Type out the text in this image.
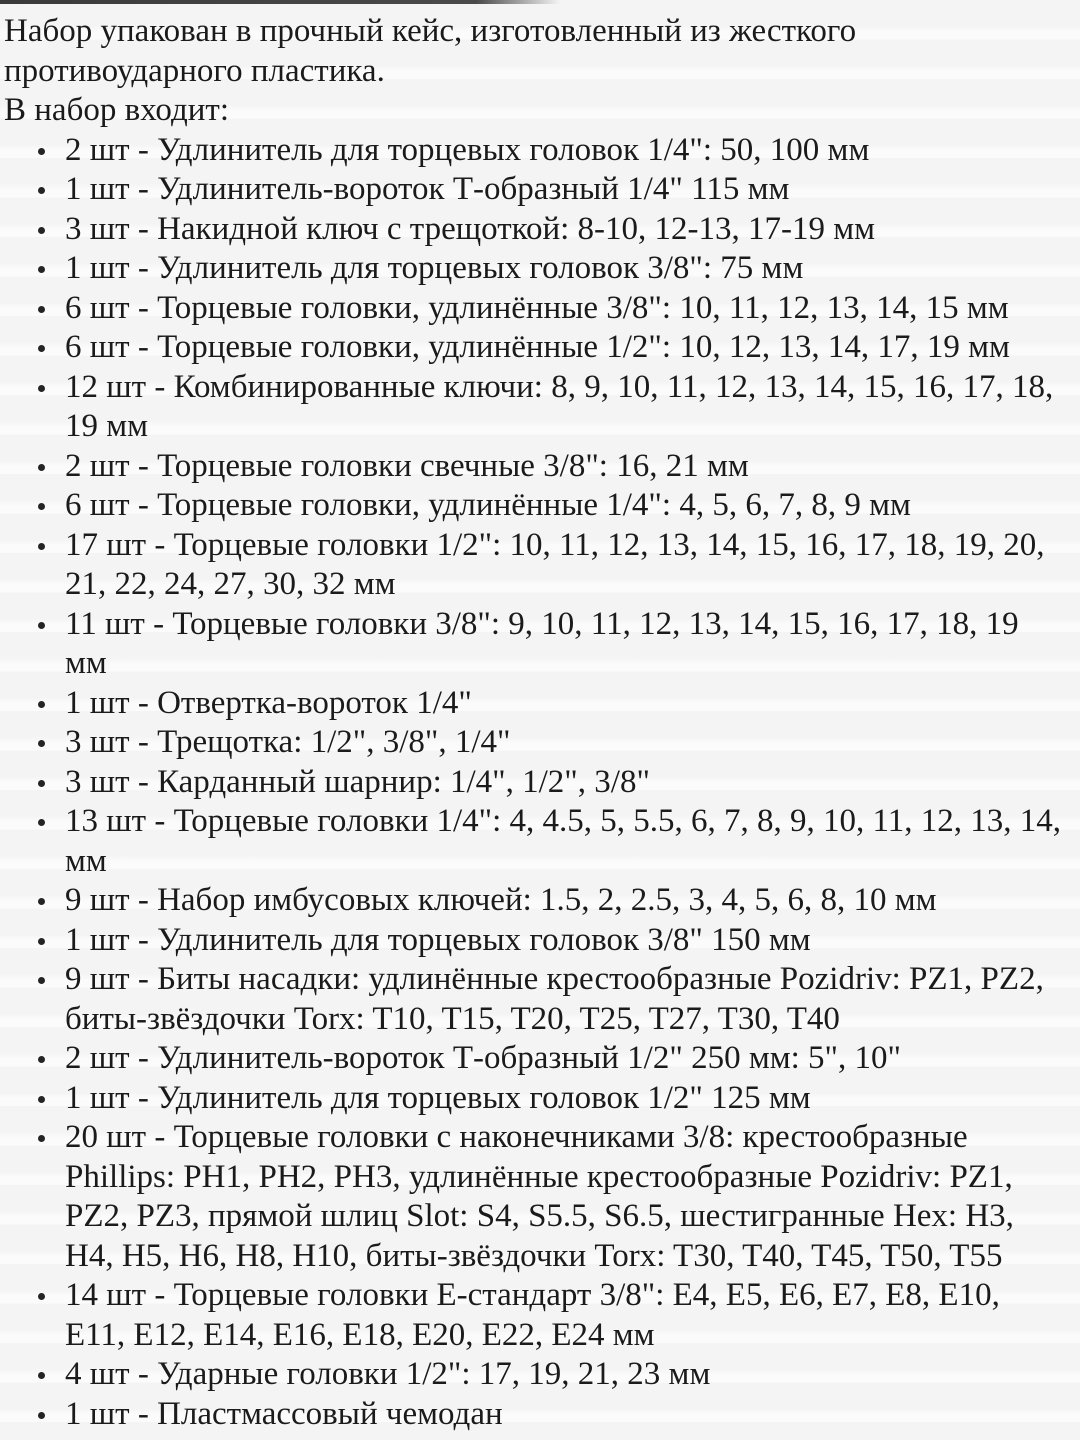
Набор упакован в прочный кейс, изготовленный из жесткого противоударного пластика.

В набор входит:

2 шт - Удлинитель для торцевых головок 1/4": 50, 100 мм
1 шт - Удлинитель-вороток Т-образный 1/4" 115 мм
3 шт - Накидной ключ с трещоткой: 8-10, 12-13, 17-19 мм
1 шт - Удлинитель для торцевых головок 3/8": 75 мм
6 шт - Торцевые головки, удлинённые 3/8": 10, 11, 12, 13, 14, 15 мм
6 шт - Торцевые головки, удлинённые 1/2": 10, 12, 13, 14, 17, 19 мм
12 шт - Комбинированные ключи: 8, 9, 10, 11, 12, 13, 14, 15, 16, 17, 18, 19 мм
2 шт - Торцевые головки свечные 3/8": 16, 21 мм
6 шт - Торцевые головки, удлинённые 1/4": 4, 5, 6, 7, 8, 9 мм
17 шт - Торцевые головки 1/2": 10, 11, 12, 13, 14, 15, 16, 17, 18, 19, 20, 21, 22, 24, 27, 30, 32 мм
11 шт - Торцевые головки 3/8": 9, 10, 11, 12, 13, 14, 15, 16, 17, 18, 19 мм
1 шт - Отвертка-вороток 1/4"
3 шт - Трещотка: 1/2", 3/8", 1/4"
3 шт - Карданный шарнир: 1/4", 1/2", 3/8"
13 шт - Торцевые головки 1/4": 4, 4.5, 5, 5.5, 6, 7, 8, 9, 10, 11, 12, 13, 14, мм
9 шт - Набор имбусовых ключей: 1.5, 2, 2.5, 3, 4, 5, 6, 8, 10 мм
1 шт - Удлинитель для торцевых головок 3/8" 150 мм
9 шт - Биты насадки: удлинённые крестообразные Pozidriv: PZ1, PZ2, биты-звёздочки Torx: T10, T15, T20, T25, T27, T30, T40
2 шт - Удлинитель-вороток Т-образный 1/2" 250 мм: 5", 10"
1 шт - Удлинитель для торцевых головок 1/2" 125 мм
20 шт - Торцевые головки с наконечниками 3/8: крестообразные Phillips: PH1, PH2, PH3, удлинённые крестообразные Pozidriv: PZ1, PZ2, PZ3, прямой шлиц Slot: S4, S5.5, S6.5, шестигранные Hex: H3, H4, H5, H6, H8, H10, биты-звёздочки Torx: T30, T40, T45, T50, T55
14 шт - Торцевые головки Е-стандарт 3/8": E4, E5, E6, E7, E8, E10, E11, E12, E14, E16, E18, E20, E22, E24 мм
4 шт - Ударные головки 1/2": 17, 19, 21, 23 мм
1 шт - Пластмассовый чемодан
